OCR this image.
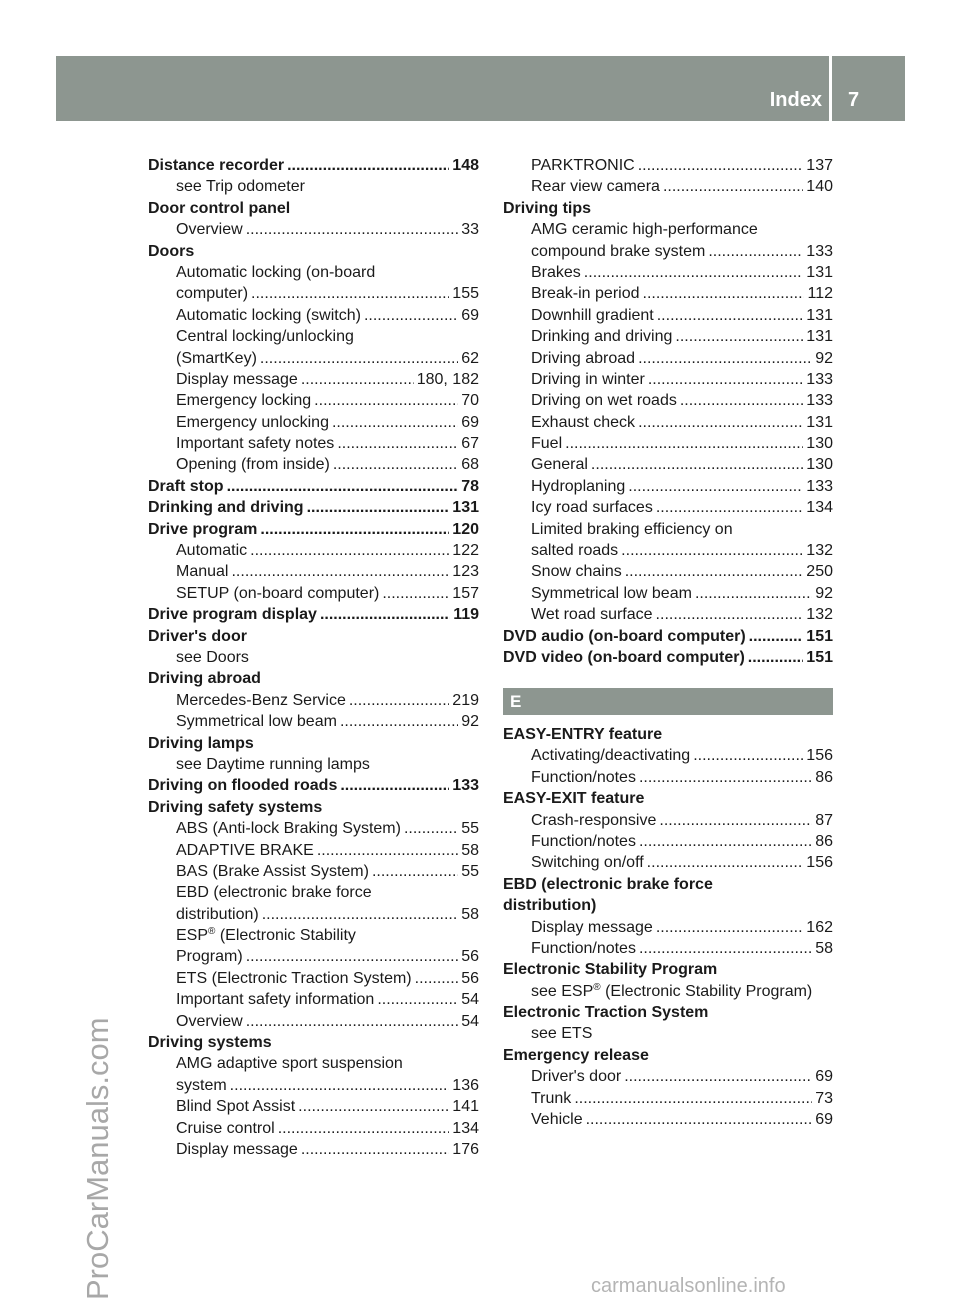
Index 7
ProCarManuals.com
Distance recorder .....	148
see Trip odometer
Door control panel
Overview .....	33
Doors
Automatic locking (on-board
computer) .....	155
Automatic locking (switch) .....	69
Central locking/unlocking
(SmartKey) .....	62
Display message .....	180, 182
Emergency locking .....	70
Emergency unlocking .....	69
Important safety notes .....	67
Opening (from inside) .....	68
Draft stop .....	78
Drinking and driving .....	131
Drive program .....	120
Automatic .....	122
Manual .....	123
SETUP (on-board computer) .....	157
Drive program display .....	119
Driver's door
see Doors
Driving abroad
Mercedes-Benz Service .....	219
Symmetrical low beam .....	92
Driving lamps
see Daytime running lamps
Driving on flooded roads .....	133
Driving safety systems
ABS (Anti-lock Braking System) .....	55
ADAPTIVE BRAKE .....	58
BAS (Brake Assist System) .....	55
EBD (electronic brake force
distribution) .....	58
ESP® (Electronic Stability
Program) .....	56
ETS (Electronic Traction System) .....	56
Important safety information .....	54
Overview .....	54
Driving systems
AMG adaptive sport suspension
system .....	136
Blind Spot Assist .....	141
Cruise control .....	134
Display message .....	176
PARKTRONIC .....	137
Rear view camera .....	140
Driving tips
AMG ceramic high-performance
compound brake system .....	133
Brakes .....	131
Break-in period .....	112
Downhill gradient .....	131
Drinking and driving .....	131
Driving abroad .....	92
Driving in winter .....	133
Driving on wet roads .....	133
Exhaust check .....	131
Fuel .....	130
General .....	130
Hydroplaning .....	133
Icy road surfaces .....	134
Limited braking efficiency on
salted roads .....	132
Snow chains .....	250
Symmetrical low beam .....	92
Wet road surface .....	132
DVD audio (on-board computer) .....	151
DVD video (on-board computer) .....	151
E
EASY-ENTRY feature
Activating/deactivating .....	156
Function/notes .....	86
EASY-EXIT feature
Crash-responsive .....	87
Function/notes .....	86
Switching on/off .....	156
EBD (electronic brake force
distribution)
Display message .....	162
Function/notes .....	58
Electronic Stability Program
see ESP® (Electronic Stability Program)
Electronic Traction System
see ETS
Emergency release
Driver's door .....	69
Trunk .....	73
Vehicle .....	69
carmanualsonline.info
